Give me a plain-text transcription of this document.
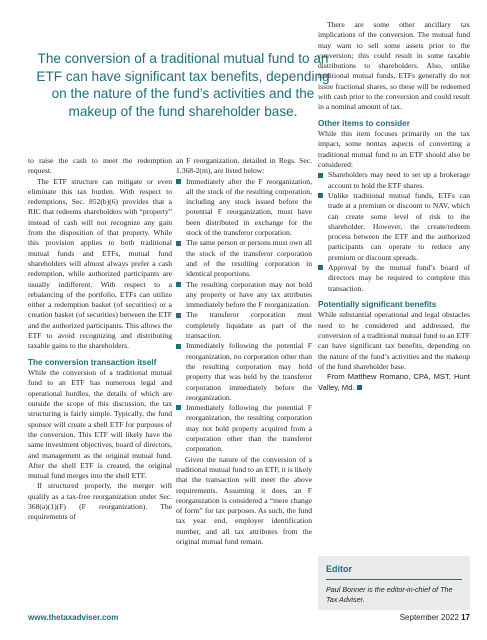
The conversion of a traditional mutual fund to an ETF can have significant tax benefits, depending on the nature of the fund’s activities and the makeup of the fund shareholder base.

to raise the cash to meet the redemption request.

The ETF structure can mitigate or even eliminate this tax burden. With respect to redemptions, Sec. 852(b)(6) provides that a RIC that redeems shareholders with “property” instead of cash will not recognize any gain from the disposition of that property. While this provision applies to both traditional mutual funds and ETFs, mutual fund shareholders will almost always prefer a cash redemption, while authorized participants are usually indifferent. With respect to a rebalancing of the portfolio, ETFs can utilize either a redemption basket (of securities) or a creation basket (of securities) between the ETF and the authorized participants. This allows the ETF to avoid recognizing and distributing taxable gains to the shareholders.

The conversion transaction itself

While the conversion of a traditional mutual fund to an ETF has numerous legal and operational hurdles, the details of which are outside the scope of this discussion, the tax structuring is fairly simple. Typically, the fund sponsor will create a shell ETF for purposes of the conversion. This ETF will likely have the same investment objectives, board of directors, and management as the original mutual fund. After the shell ETF is created, the original mutual fund merges into the shell ETF.

If structured properly, the merger will qualify as a tax-free reorganization under Sec. 368(a)(1)(F) (F reorganization). The requirements of

an F reorganization, detailed in Regs. Sec. 1.368-2(m), are listed below:

Immediately after the F reorganization, all the stock of the resulting corporation, including any stock issued before the potential F reorganization, must have been distributed in exchange for the stock of the transferor corporation.
The same person or persons must own all the stock of the transferor corporation and of the resulting corporation in identical proportions.
The resulting corporation may not hold any property or have any tax attributes immediately before the F reorganization.
The transferor corporation must completely liquidate as part of the transaction.
Immediately following the potential F reorganization, no corporation other than the resulting corporation may hold property that was held by the transferor corporation immediately before the reorganization.
Immediately following the potential F reorganization, the resulting corporation may not hold property acquired from a corporation other than the transferor corporation.

Given the nature of the conversion of a traditional mutual fund to an ETF, it is likely that the transaction will meet the above requirements. Assuming it does, an F reorganization is considered a “mere change of form” for tax purposes. As such, the fund tax year end, employer identification number, and all tax attributes from the original mutual fund remain.

There are some other ancillary tax implications of the conversion. The mutual fund may want to sell some assets prior to the conversion; this could result in some taxable distributions to shareholders. Also, unlike traditional mutual funds, ETFs generally do not issue fractional shares, so these will be redeemed with cash prior to the conversion and could result in a nominal amount of tax.

Other items to consider

While this item focuses primarily on the tax impact, some nontax aspects of converting a traditional mutual fund to an ETF should also be considered:

Shareholders may need to set up a brokerage account to hold the ETF shares.
Unlike traditional mutual funds, ETFs can trade at a premium or discount to NAV, which can create some level of risk to the shareholder. However, the create/redeem process between the ETF and the authorized participants can operate to reduce any premium or discount spreads.
Approval by the mutual fund’s board of directors may be required to complete this transaction.

Potentially significant benefits

While substantial operational and legal obstacles need to be considered and addressed, the conversion of a traditional mutual fund to an ETF can have significant tax benefits, depending on the nature of the fund’s activities and the makeup of the fund shareholder base.

From Matthew Romano, CPA, MST, Hunt Valley, Md.

Editor
Paul Bonner is the editor-in-chief of The Tax Adviser.
www.thetaxadviser.com	September 2022 17
